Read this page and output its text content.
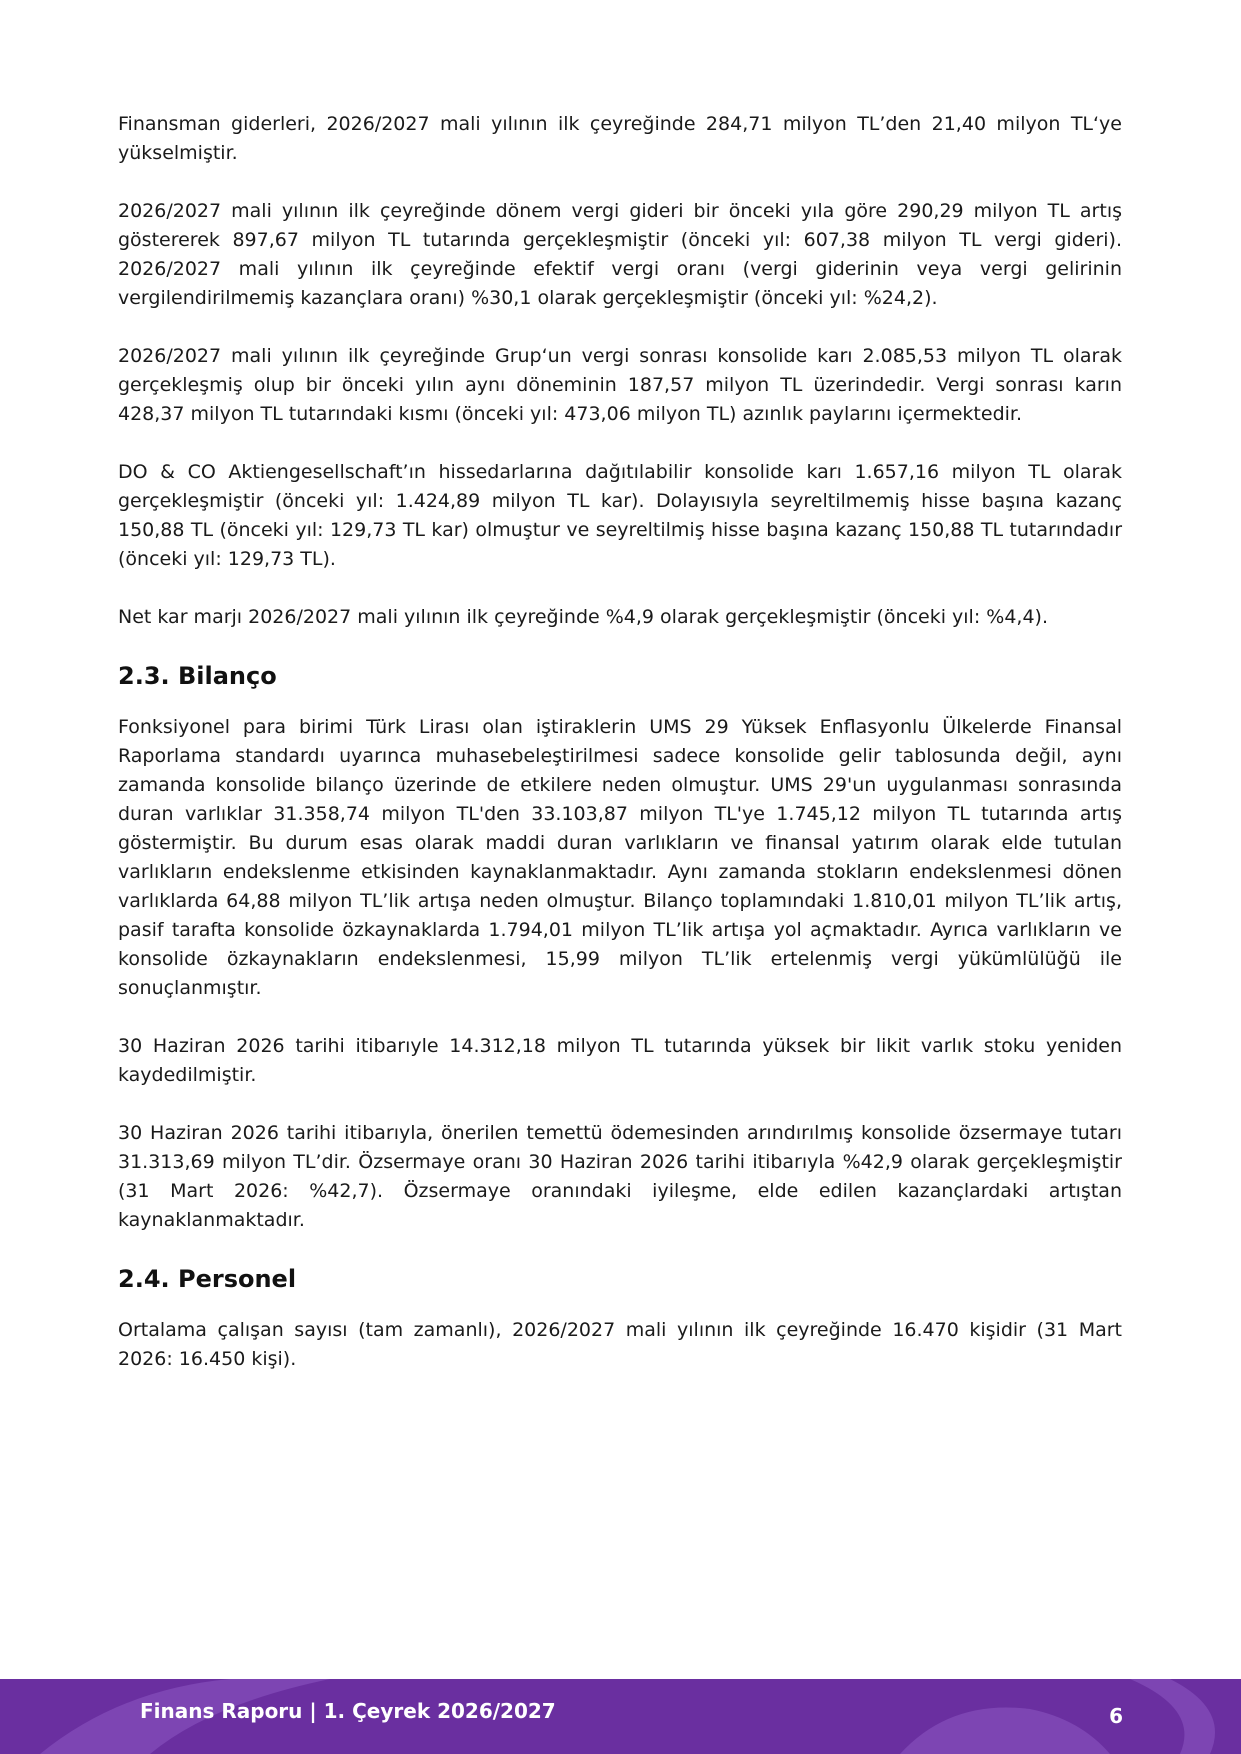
Finansman giderleri, 2026/2027 mali yılının ilk çeyreğinde 284,71 milyon TL’den 21,40 milyon TL‘ye yükselmiştir.

2026/2027 mali yılının ilk çeyreğinde dönem vergi gideri bir önceki yıla göre 290,29 milyon TL artış göstererek 897,67 milyon TL tutarında gerçekleşmiştir (önceki yıl: 607,38 milyon TL vergi gideri). 2026/2027 mali yılının ilk çeyreğinde efektif vergi oranı (vergi giderinin veya vergi gelirinin vergilendirilmemiş kazançlara oranı) %30,1 olarak gerçekleşmiştir (önceki yıl: %24,2).

2026/2027 mali yılının ilk çeyreğinde Grup‘un vergi sonrası konsolide karı 2.085,53 milyon TL olarak gerçekleşmiş olup bir önceki yılın aynı döneminin 187,57 milyon TL üzerindedir. Vergi sonrası karın 428,37 milyon TL tutarındaki kısmı (önceki yıl: 473,06 milyon TL) azınlık paylarını içermektedir.

DO & CO Aktiengesellschaft’ın hissedarlarına dağıtılabilir konsolide karı 1.657,16 milyon TL olarak gerçekleşmiştir (önceki yıl: 1.424,89 milyon TL kar). Dolayısıyla seyreltilmemiş hisse başına kazanç 150,88 TL (önceki yıl: 129,73 TL kar) olmuştur ve seyreltilmiş hisse başına kazanç 150,88 TL tutarındadır (önceki yıl: 129,73 TL).

Net kar marjı 2026/2027 mali yılının ilk çeyreğinde %4,9 olarak gerçekleşmiştir (önceki yıl: %4,4).

2.3. Bilanço

Fonksiyonel para birimi Türk Lirası olan iştiraklerin UMS 29 Yüksek Enflasyonlu Ülkelerde Finansal Raporlama standardı uyarınca muhasebeleştirilmesi sadece konsolide gelir tablosunda değil, aynı zamanda konsolide bilanço üzerinde de etkilere neden olmuştur. UMS 29'un uygulanması sonrasında duran varlıklar 31.358,74 milyon TL'den 33.103,87 milyon TL'ye 1.745,12 milyon TL tutarında artış göstermiştir. Bu durum esas olarak maddi duran varlıkların ve finansal yatırım olarak elde tutulan varlıkların endekslenme etkisinden kaynaklanmaktadır. Aynı zamanda stokların endekslenmesi dönen varlıklarda 64,88 milyon TL’lik artışa neden olmuştur. Bilanço toplamındaki 1.810,01 milyon TL’lik artış, pasif tarafta konsolide özkaynaklarda 1.794,01 milyon TL’lik artışa yol açmaktadır. Ayrıca varlıkların ve konsolide özkaynakların endekslenmesi, 15,99 milyon TL’lik ertelenmiş vergi yükümlülüğü ile sonuçlanmıştır.

30 Haziran 2026 tarihi itibarıyle 14.312,18 milyon TL tutarında yüksek bir likit varlık stoku yeniden kaydedilmiştir.

30 Haziran 2026 tarihi itibarıyla, önerilen temettü ödemesinden arındırılmış konsolide özsermaye tutarı 31.313,69 milyon TL’dir. Özsermaye oranı 30 Haziran 2026 tarihi itibarıyla %42,9 olarak gerçekleşmiştir (31 Mart 2026: %42,7). Özsermaye oranındaki iyileşme, elde edilen kazançlardaki artıştan kaynaklanmaktadır.

2.4. Personel

Ortalama çalışan sayısı (tam zamanlı), 2026/2027 mali yılının ilk çeyreğinde 16.470 kişidir (31 Mart 2026: 16.450 kişi).

Finans Raporu | 1. Çeyrek 2026/2027	6
